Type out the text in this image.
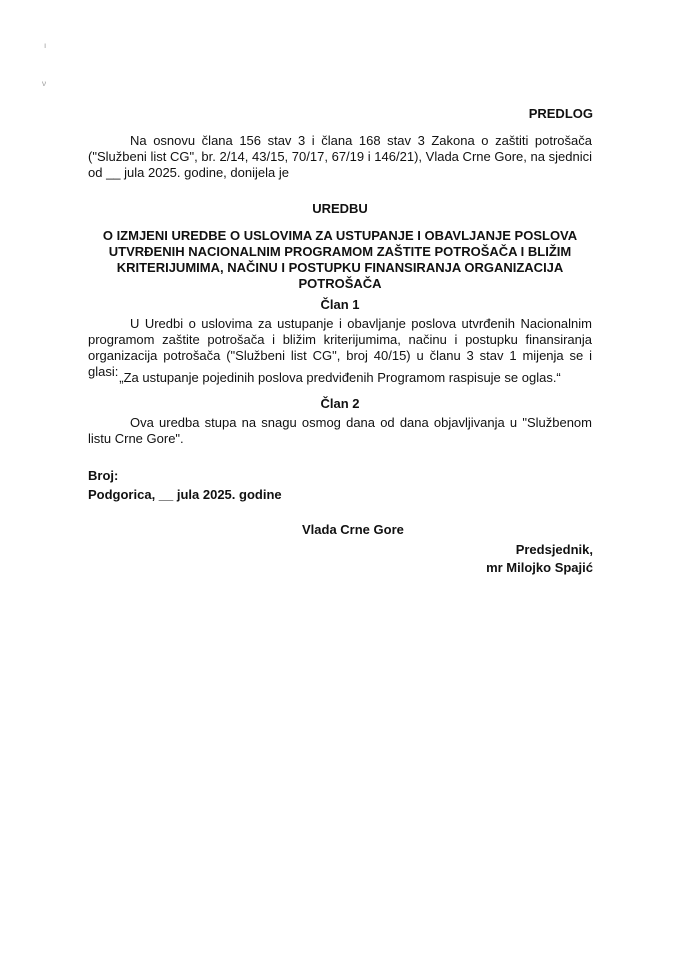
ı
ν
PREDLOG

Na osnovu člana 156 stav 3 i člana 168 stav 3 Zakona o zaštiti potrošača ("Službeni list CG", br. 2/14, 43/15, 70/17, 67/19 i 146/21), Vlada Crne Gore, na sjednici od __ jula 2025. godine, donijela je

UREDBU
O IZMJENI UREDBE O USLOVIMA ZA USTUPANJE I OBAVLJANJE POSLOVA UTVRĐENIH NACIONALNIM PROGRAMOM ZAŠTITE POTROŠAČA I BLIŽIM KRITERIJUMIMA, NAČINU I POSTUPKU FINANSIRANJA ORGANIZACIJA POTROŠAČA
Član 1

U Uredbi o uslovima za ustupanje i obavljanje poslova utvrđenih Nacionalnim programom zaštite potrošača i bližim kriterijumima, načinu i postupku finansiranja organizacija potrošača ("Službeni list CG", broj 40/15) u članu 3 stav 1 mijenja se i glasi: „Za ustupanje pojedinih poslova predviđenih Programom raspisuje se oglas.“
Član 2

Ova uredba stupa na snagu osmog dana od dana objavljivanja u "Službenom listu Crne Gore".

Broj:
Podgorica, __ jula 2025. godine
Vlada Crne Gore
Predsjednik,
mr Milojko Spajić
